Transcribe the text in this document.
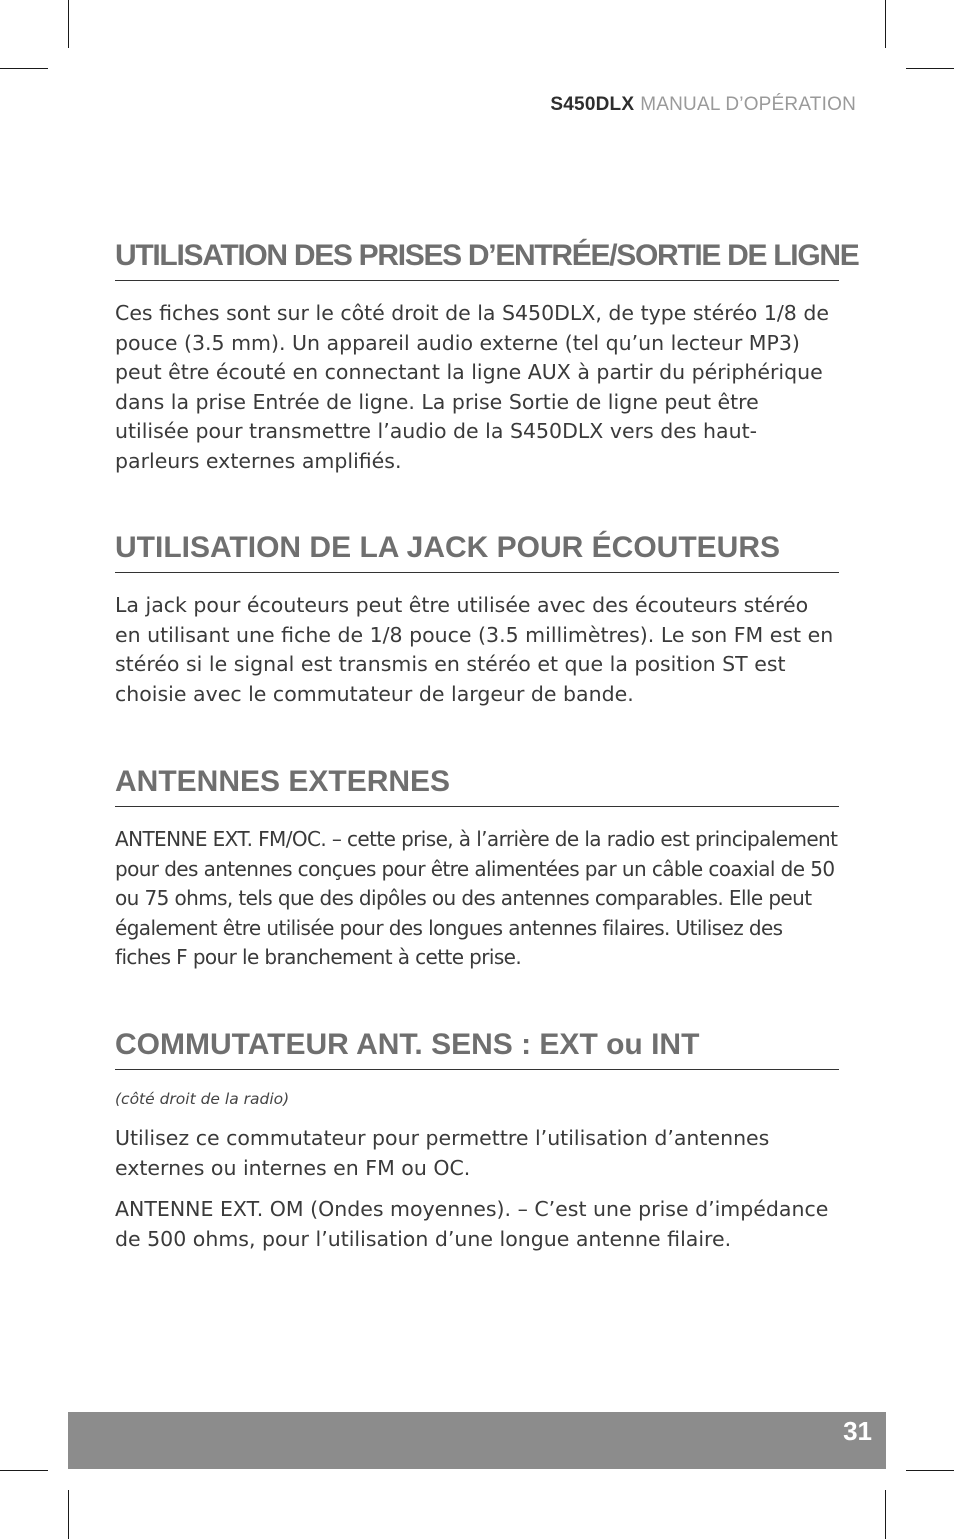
S450DLX MANUAL D’OPÉRATION
UTILISATION DES PRISES D’ENTRÉE/SORTIE DE LIGNE

Ces fiches sont sur le côté droit de la S450DLX, de type stéréo 1/8 de pouce (3.5 mm). Un appareil audio externe (tel qu’un lecteur MP3) peut être écouté en connectant la ligne AUX à partir du périphérique dans la prise Entrée de ligne. La prise Sortie de ligne peut être utilisée pour transmettre l’audio de la S450DLX vers des haut-parleurs externes amplifiés.

UTILISATION DE LA JACK POUR ÉCOUTEURS

La jack pour écouteurs peut être utilisée avec des écouteurs stéréo en utilisant une fiche de 1/8 pouce (3.5 millimètres). Le son FM est en stéréo si le signal est transmis en stéréo et que la position ST est choisie avec le commutateur de largeur de bande.

ANTENNES EXTERNES

ANTENNE EXT. FM/OC. – cette prise, à l’arrière de la radio est principalement pour des antennes conçues pour être alimentées par un câble coaxial de 50 ou 75 ohms, tels que des dipôles ou des antennes comparables. Elle peut également être utilisée pour des longues antennes filaires. Utilisez des fiches F pour le branchement à cette prise.

COMMUTATEUR ANT. SENS : EXT ou INT

(côté droit de la radio)

Utilisez ce commutateur pour permettre l’utilisation d’antennes externes ou internes en FM ou OC.

ANTENNE EXT. OM (Ondes moyennes). – C’est une prise d’impédance de 500 ohms, pour l’utilisation d’une longue antenne filaire.

31
